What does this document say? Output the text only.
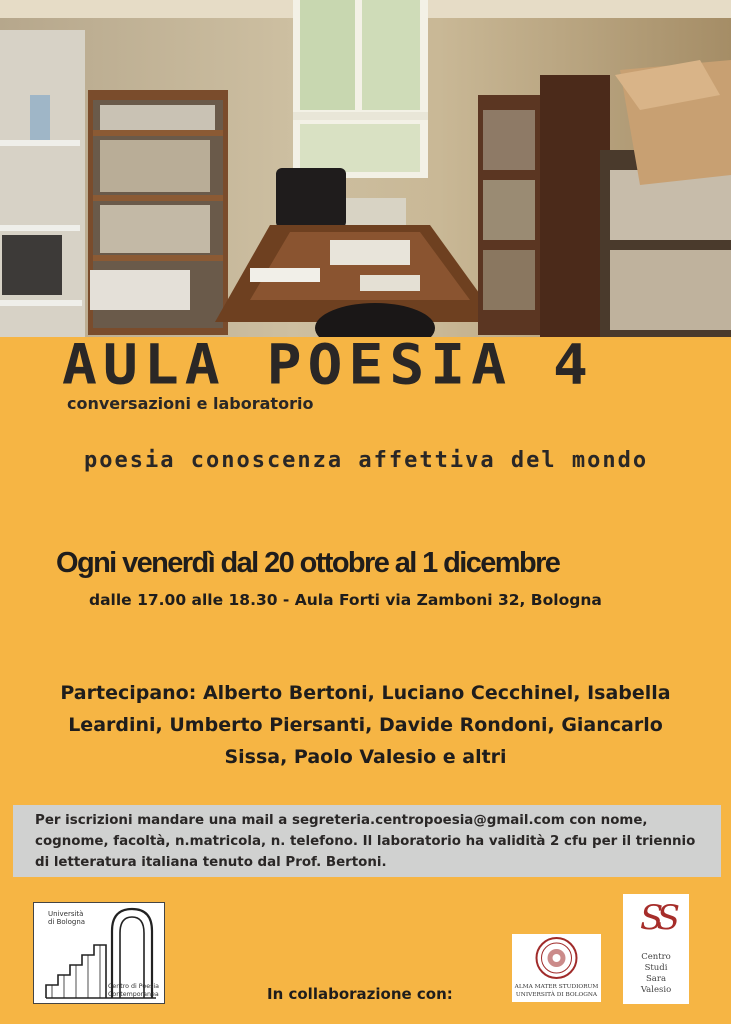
AULA POESIA 4
conversazioni e laboratorio
poesia conoscenza affettiva del mondo
Ogni venerdì dal 20 ottobre al 1 dicembre
dalle 17.00 alle 18.30 - Aula Forti via Zamboni 32, Bologna

Partecipano: Alberto Bertoni, Luciano Cecchinel, Isabella

Leardini, Umberto Piersanti, Davide Rondoni, Giancarlo

Sissa, Paolo Valesio e altri

Per iscrizioni mandare una mail a segreteria.centropoesia@gmail.com con nome,

cognome, facoltà, n.matricola, n. telefono. Il laboratorio ha validità 2 cfu per il triennio

di letteratura italiana tenuto dal Prof. Bertoni.

Università
di Bologna
Centro di Poesia
Contemporanea	In collaborazione con:	ALMA MATER STUDIORUM
UNIVERSITÀ DI BOLOGNA
SS
Centro
Studi
Sara
Valesio
